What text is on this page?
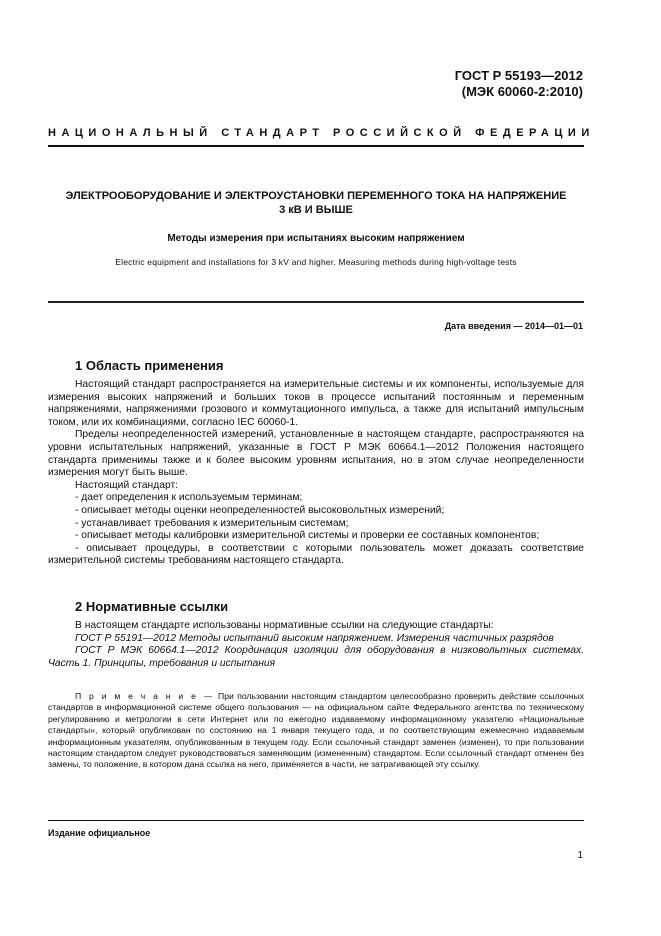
ГОСТ Р 55193—2012
(МЭК 60060-2:2010)
НАЦИОНАЛЬНЫЙ СТАНДАРТ РОССИЙСКОЙ ФЕДЕРАЦИИ
ЭЛЕКТРООБОРУДОВАНИЕ И ЭЛЕКТРОУСТАНОВКИ ПЕРЕМЕННОГО ТОКА НА НАПРЯЖЕНИЕ
3 кВ И ВЫШЕ
Методы измерения при испытаниях высоким напряжением
Electric equipment and installations for 3 kV and higher. Measuring methods during high-voltage tests
Дата введения — 2014—01—01
1 Область применения

Настоящий стандарт распространяется на измерительные системы и их компоненты, используемые для измерения высоких напряжений и больших токов в процессе испытаний постоянным и переменным напряжениями, напряжениями грозового и коммутационного импульса, а также для испытаний импульсным током, или их комбинациями, согласно IEC 60060-1.

Пределы неопределенностей измерений, установленные в настоящем стандарте, распространяются на уровни испытательных напряжений, указанные в ГОСТ Р МЭК 60664.1—2012 Положения настоящего стандарта применимы также и к более высоким уровням испытания, но в этом случае неопределенности измерения могут быть выше.

Настоящий стандарт:

- дает определения к используемым терминам;

- описывает методы оценки неопределенностей высоковольтных измерений;

- устанавливает требования к измерительным системам;

- описывает методы калибровки измерительной системы и проверки ее составных компонентов;

- описывает процедуры, в соответствии с которыми пользователь может доказать соответствие измерительной системы требованиям настоящего стандарта.

2 Нормативные ссылки

В настоящем стандарте использованы нормативные ссылки на следующие стандарты:

ГОСТ Р 55191—2012 Методы испытаний высоким напряжением. Измерения частичных разрядов

ГОСТ Р МЭК 60664.1—2012 Координация изоляции для оборудования в низковольтных системах. Часть 1. Принципы, требования и испытания

П р и м е ч а н и е — При пользовании настоящим стандартом целесообразно проверить действие ссылочных стандартов в информационной системе общего пользования — на официальном сайте Федерального агентства по техническому регулированию и метрологии в сети Интернет или по ежегодно издаваемому информационному указателю «Национальные стандарты», который опубликован по состоянию на 1 января текущего года, и по соответствующим ежемесячно издаваемым информационным указателям, опубликованным в текущем году. Если ссылочный стандарт заменен (изменен), то при пользовании настоящим стандартом следует руководствоваться заменяющим (измененным) стандартом. Если ссылочный стандарт отменен без замены, то положение, в котором дана ссылка на него, применяется в части, не затрагивающей эту ссылку.

Издание официальное
1
